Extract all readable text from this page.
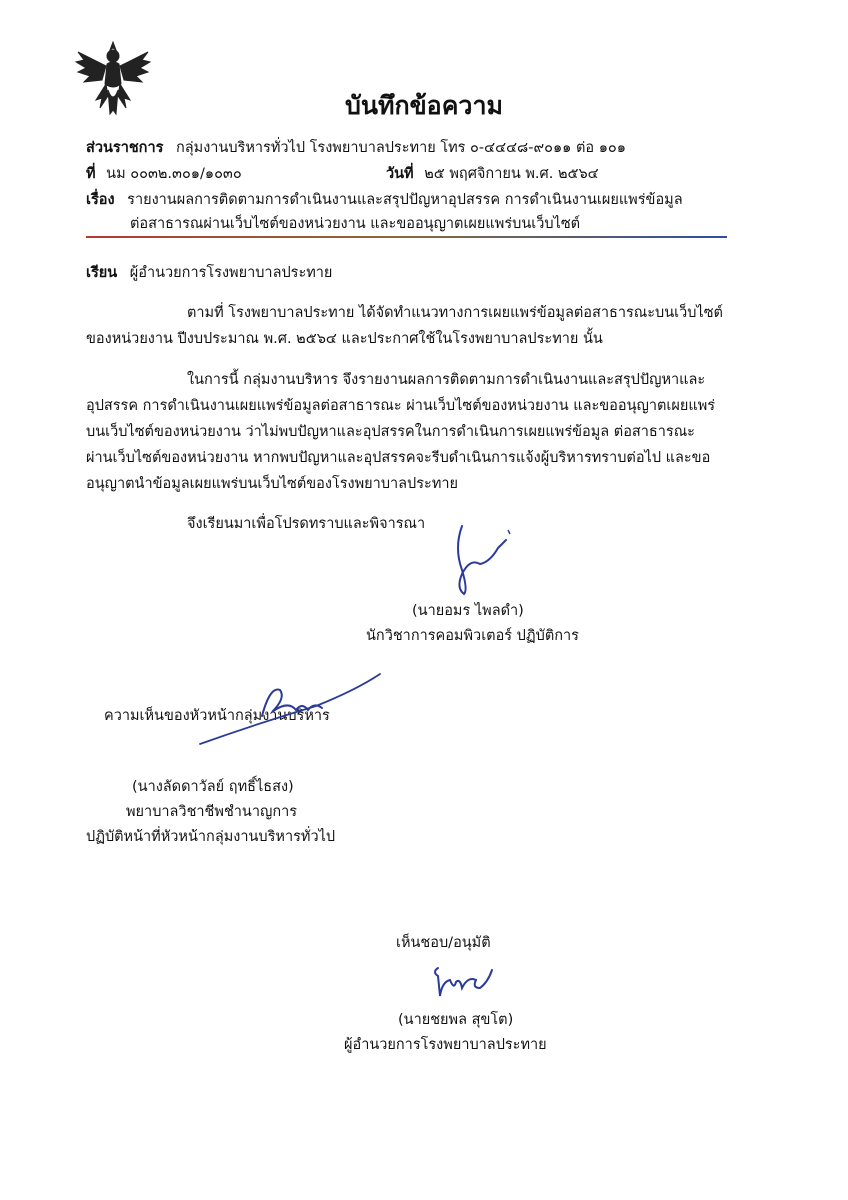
บันทึกข้อความ
ส่วนราชการ กลุ่มงานบริหารทั่วไป โรงพยาบาลประทาย โทร ๐-๔๔๔๘-๙๐๑๑ ต่อ ๑๐๑
ที่ นม ๐๐๓๒.๓๐๑/๑๐๓๐	วันที่ ๒๕ พฤศจิกายน พ.ศ. ๒๕๖๔
เรื่อง รายงานผลการติดตามการดำเนินงานและสรุปปัญหาอุปสรรค การดำเนินงานเผยแพร่ข้อมูล
ต่อสาธารณผ่านเว็บไซต์ของหน่วยงาน และขออนุญาตเผยแพร่บนเว็บไซต์
เรียน ผู้อำนวยการโรงพยาบาลประทาย
ตามที่ โรงพยาบาลประทาย ได้จัดทำแนวทางการเผยแพร่ข้อมูลต่อสาธารณะบนเว็บไซต์
ของหน่วยงาน ปีงบประมาณ พ.ศ. ๒๕๖๔ และประกาศใช้ในโรงพยาบาลประทาย นั้น
ในการนี้ กลุ่มงานบริหาร จึงรายงานผลการติดตามการดำเนินงานและสรุปปัญหาและ
อุปสรรค การดำเนินงานเผยแพร่ข้อมูลต่อสาธารณะ ผ่านเว็บไซต์ของหน่วยงาน และขออนุญาตเผยแพร่
บนเว็บไซต์ของหน่วยงาน ว่าไม่พบปัญหาและอุปสรรคในการดำเนินการเผยแพร่ข้อมูล ต่อสาธารณะ
ผ่านเว็บไซต์ของหน่วยงาน หากพบปัญหาและอุปสรรคจะรีบดำเนินการแจ้งผู้บริหารทราบต่อไป และขอ
อนุญาตนำข้อมูลเผยแพร่บนเว็บไซต์ของโรงพยาบาลประทาย
จึงเรียนมาเพื่อโปรดทราบและพิจารณา
(นายอมร ไพลดำ)
นักวิชาการคอมพิวเตอร์ ปฏิบัติการ
ความเห็นของหัวหน้ากลุ่มงานบริหาร
(นางลัดดาวัลย์ ฤทธิ์ไธสง)
พยาบาลวิชาชีพชำนาญการ
ปฏิบัติหน้าที่หัวหน้ากลุ่มงานบริหารทั่วไป
เห็นชอบ/อนุมัติ
(นายชยพล สุขโต)
ผู้อำนวยการโรงพยาบาลประทาย
